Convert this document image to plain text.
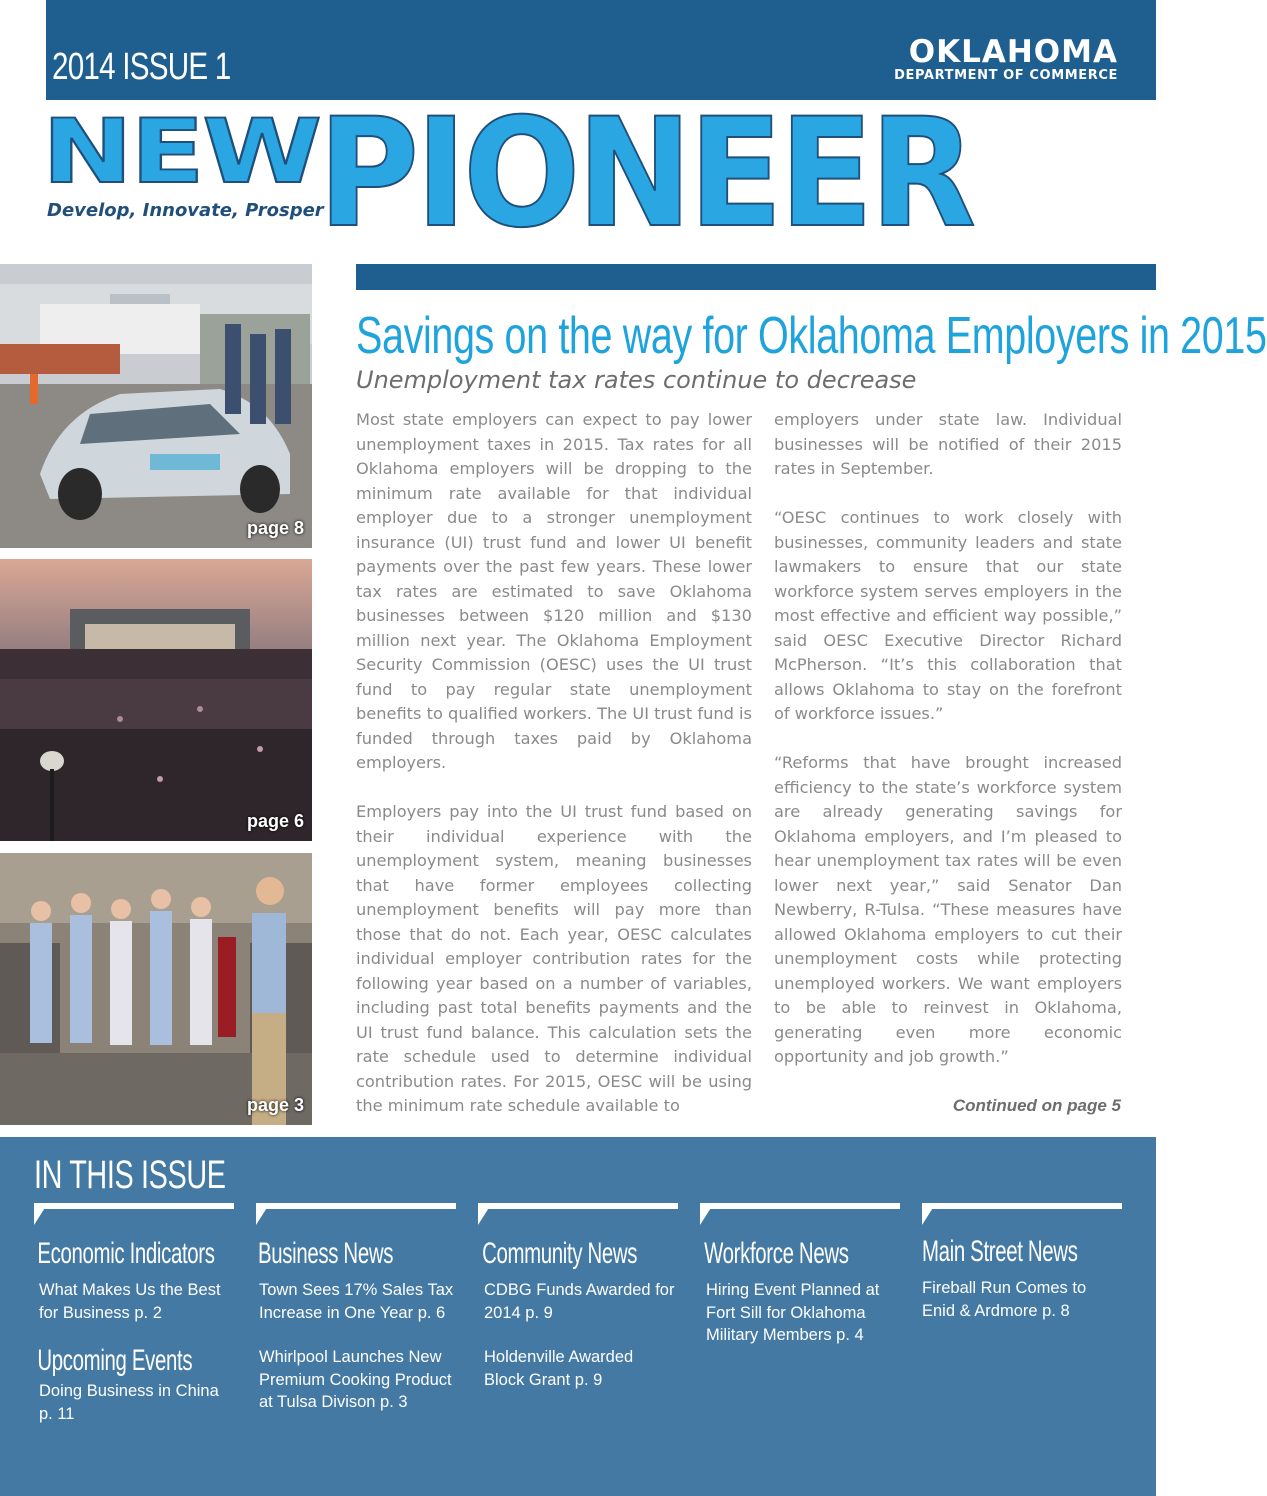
2014 ISSUE 1	OKLAHOMA
DEPARTMENT OF COMMERCE
NEW
Develop, Innovate, Prosper
PIONEER
page 8
page 6
page 3
Savings on the way for Oklahoma Employers in 2015
Unemployment tax rates continue to decrease

Most state employers can expect to pay lower unemployment taxes in 2015. Tax rates for all Oklahoma employers will be dropping to the minimum rate available for that individual employer due to a stronger unemployment insurance (UI) trust fund and lower UI benefit payments over the past few years. These lower tax rates are estimated to save Oklahoma businesses between $120 million and $130 million next year. The Oklahoma Employment Security Commission (OESC) uses the UI trust fund to pay regular state unemployment benefits to qualified workers. The UI trust fund is funded through taxes paid by Oklahoma employers.

Employers pay into the UI trust fund based on their individual experience with the unemployment system, meaning businesses that have former employees collecting unemployment benefits will pay more than those that do not. Each year, OESC calculates individual employer contribution rates for the following year based on a number of variables, including past total benefits payments and the UI trust fund balance. This calculation sets the rate schedule used to determine individual contribution rates. For 2015, OESC will be using the minimum rate schedule available to

employers under state law. Individual businesses will be notified of their 2015 rates in September.

“OESC continues to work closely with businesses, community leaders and state lawmakers to ensure that our state workforce system serves employers in the most effective and efficient way possible,” said OESC Executive Director Richard McPherson. “It’s this collaboration that allows Oklahoma to stay on the forefront of workforce issues.”

“Reforms that have brought increased efficiency to the state’s workforce system are already generating savings for Oklahoma employers, and I’m pleased to hear unemployment tax rates will be even lower next year,” said Senator Dan Newberry, R-Tulsa. “These measures have allowed Oklahoma employers to cut their unemployment costs while protecting unemployed workers. We want employers to be able to reinvest in Oklahoma, generating even more economic opportunity and job growth.”

Continued on page 5
IN THIS ISSUE
Economic Indicators
What Makes Us the Best for Business p. 2
Upcoming Events
Doing Business in China p. 11
Business News
Town Sees 17% Sales Tax Increase in One Year p. 6
Whirlpool Launches New Premium Cooking Product at Tulsa Divison p. 3
Community News
CDBG Funds Awarded for 2014 p. 9
Holdenville Awarded Block Grant p. 9
Workforce News
Hiring Event Planned at Fort Sill for Oklahoma Military Members p. 4
Main Street News
Fireball Run Comes to Enid & Ardmore p. 8
